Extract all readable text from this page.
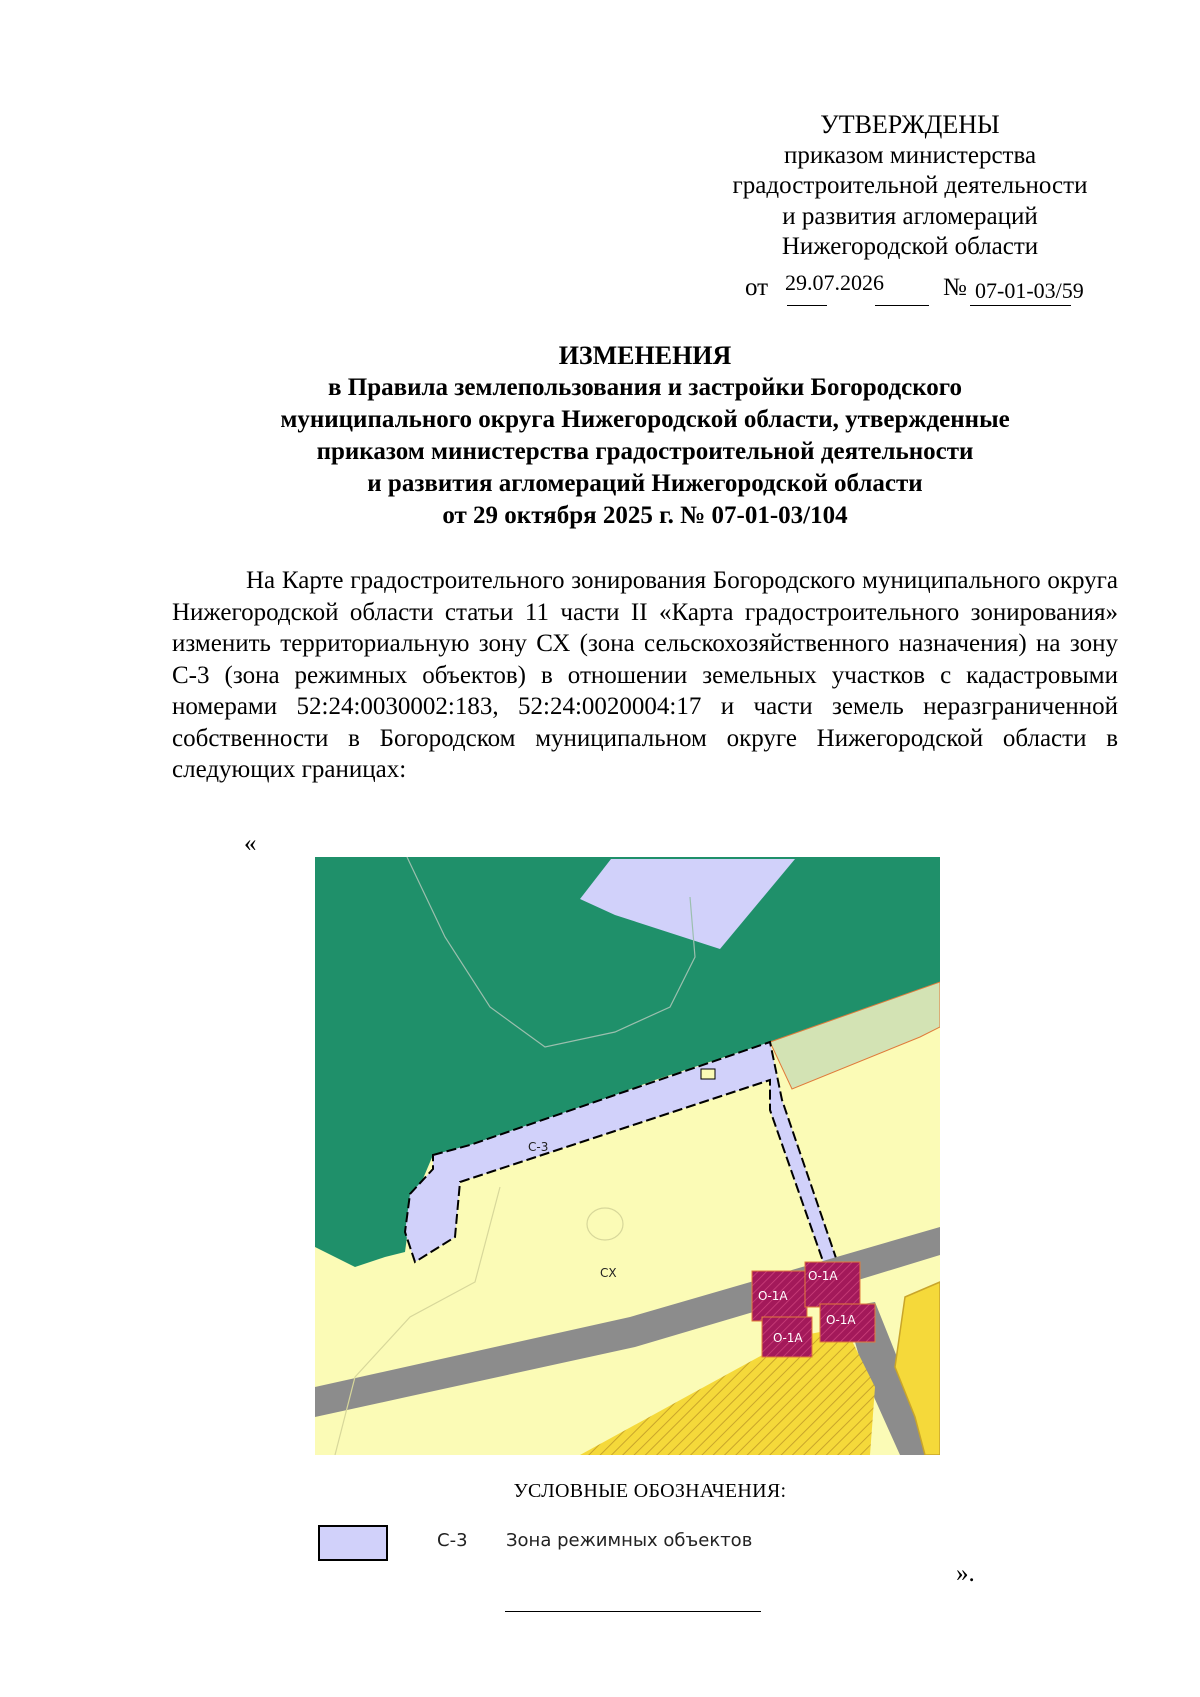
УТВЕРЖДЕНЫ
приказом министерства
градостроительной деятельности
и развития агломераций
Нижегородской области
от	№
29.07.2026	07-01-03/59
ИЗМЕНЕНИЯ
в Правила землепользования и застройки Богородского
муниципального округа Нижегородской области, утвержденные
приказом министерства градостроительной деятельности
и развития агломераций Нижегородской области
от 29 октября 2025 г. № 07-01-03/104
На Карте градостроительного зонирования Богородского муниципального округа Нижегородской области статьи 11 части II «Карта градостроительного зонирования» изменить территориальную зону СХ (зона сельскохозяйственного назначения) на зону С-3 (зона режимных объектов) в отношении земельных участков с кадастровыми номерами 52:24:0030002:183, 52:24:0020004:17 и части земель неразграниченной собственности в Богородском муниципальном округе Нижегородской области в следующих границах:
«
С-3
СХ	О-1А
О-1А
О-1А
О-1А
УСЛОВНЫЕ ОБОЗНАЧЕНИЯ:
С-3 Зона режимных объектов
».
